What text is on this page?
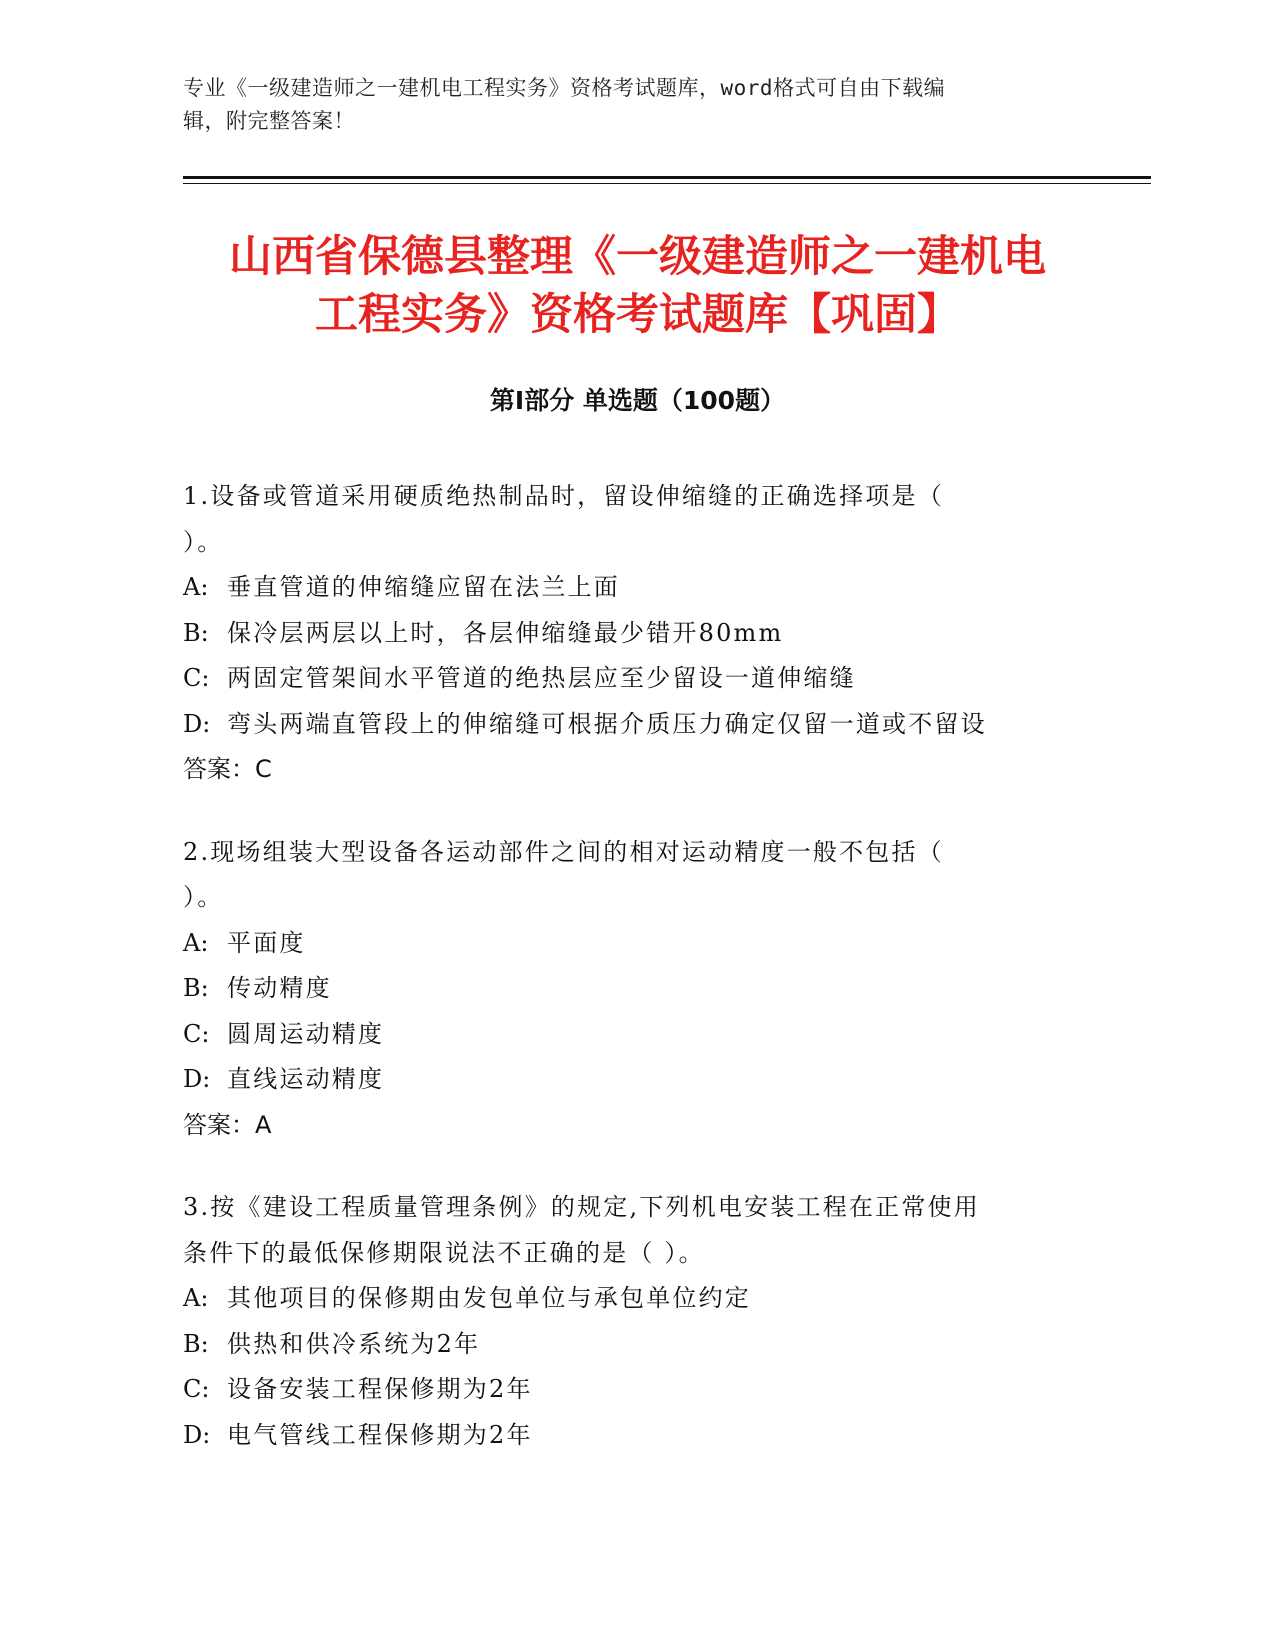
专业《一级建造师之一建机电工程实务》资格考试题库，word格式可自由下载编
辑，附完整答案！
山西省保德县整理《一级建造师之一建机电
工程实务》资格考试题库【巩固】
第Ⅰ部分 单选题（100题）

1.设备或管道采用硬质绝热制品时，留设伸缩缝的正确选择项是（

）。

A: 垂直管道的伸缩缝应留在法兰上面

B: 保冷层两层以上时，各层伸缩缝最少错开80mm

C: 两固定管架间水平管道的绝热层应至少留设一道伸缩缝

D: 弯头两端直管段上的伸缩缝可根据介质压力确定仅留一道或不留设

答案：C

2.现场组装大型设备各运动部件之间的相对运动精度一般不包括（

）。

A: 平面度

B: 传动精度

C: 圆周运动精度

D: 直线运动精度

答案：A

3.按《建设工程质量管理条例》的规定,下列机电安装工程在正常使用

条件下的最低保修期限说法不正确的是（ ）。

A: 其他项目的保修期由发包单位与承包单位约定

B: 供热和供冷系统为2年

C: 设备安装工程保修期为2年

D: 电气管线工程保修期为2年
